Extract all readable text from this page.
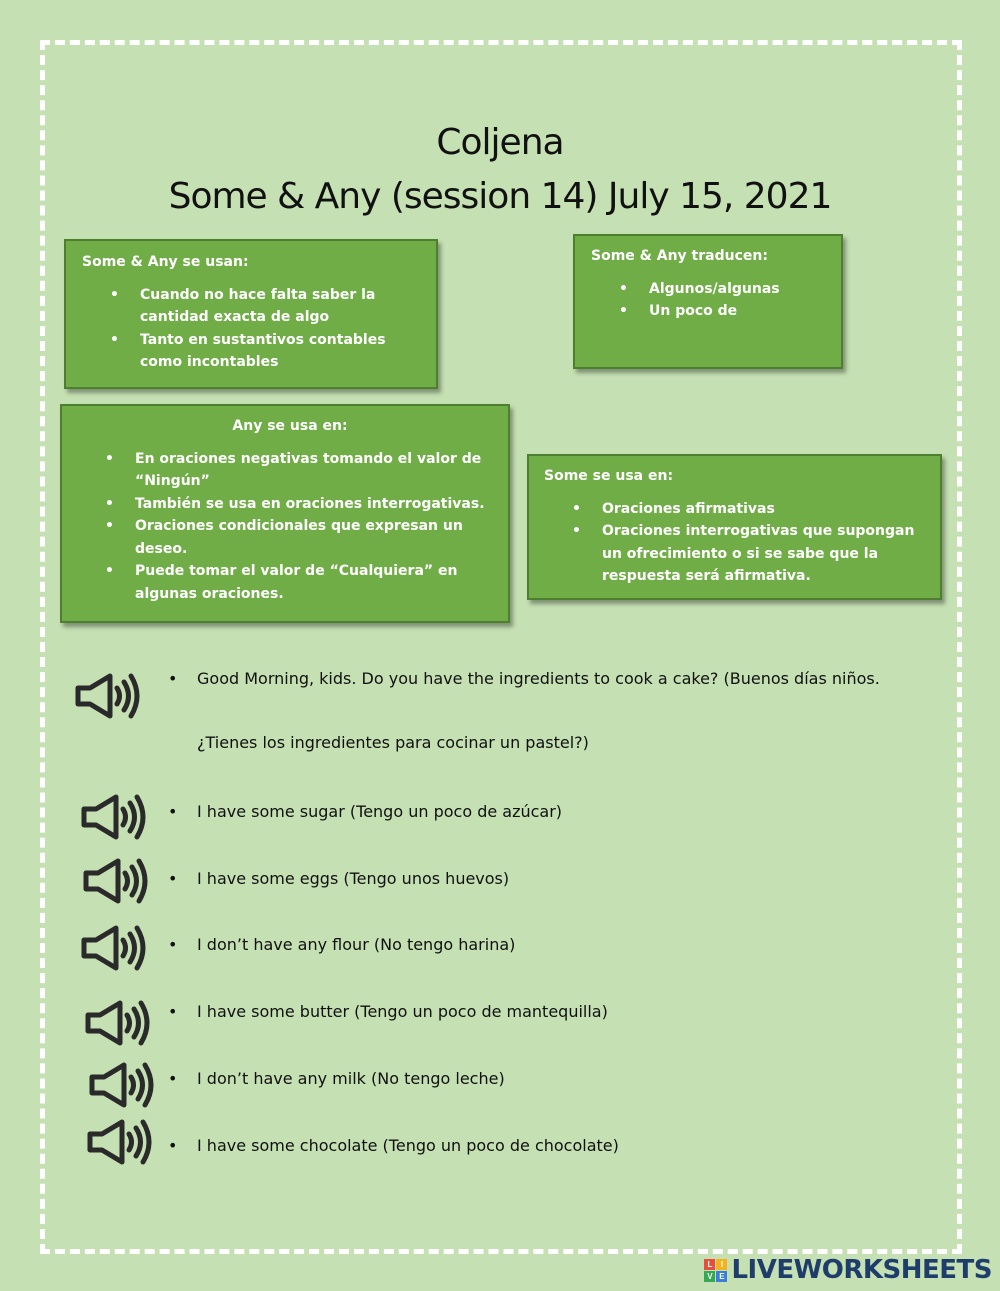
Coljena
Some & Any (session 14) July 15, 2021
Some & Any se usan:
• Cuando no hace falta saber la cantidad exacta de algo
• Tanto en sustantivos contables como incontables
Some & Any traducen:
• Algunos/algunas
• Un poco de
Any se usa en:
• En oraciones negativas tomando el valor de “Ningún”
• También se usa en oraciones interrogativas.
• Oraciones condicionales que expresan un deseo.
• Puede tomar el valor de “Cualquiera” en algunas oraciones.
Some se usa en:
• Oraciones afirmativas
• Oraciones interrogativas que supongan un ofrecimiento o si se sabe que la respuesta será afirmativa.
• Good Morning, kids. Do you have the ingredients to cook a cake? (Buenos días niños.
¿Tienes los ingredientes para cocinar un pastel?)
• I have some sugar (Tengo un poco de azúcar)
• I have some eggs (Tengo unos huevos)
• I don’t have any flour (No tengo harina)
• I have some butter (Tengo un poco de mantequilla)
• I don’t have any milk (No tengo leche)
• I have some chocolate (Tengo un poco de chocolate)
L	I
V E LIVEWORKSHEETS
